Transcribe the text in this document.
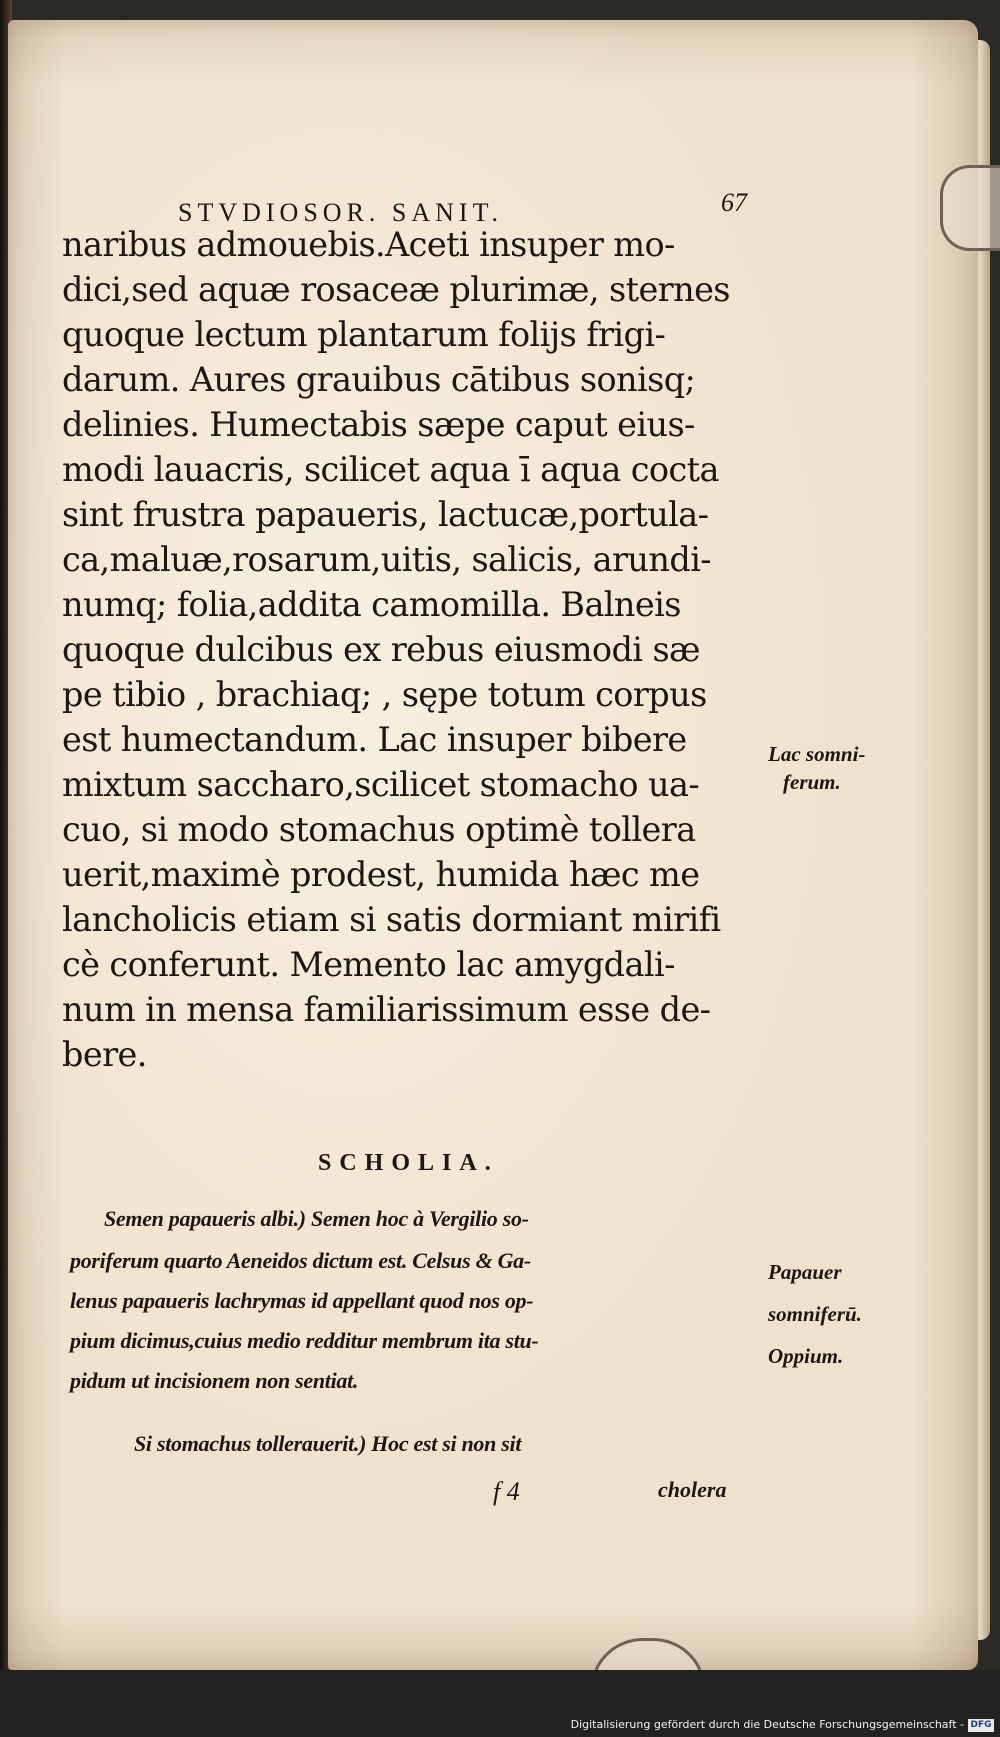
STVDIOSOR. SANIT.	67
naribus admouebis.Aceti insuper mo-
dici,sed aquæ rosaceæ plurimæ, sternes
quoque lectum plantarum folijs frigi-
darum. Aures grauibus cātibus sonisq;
delinies. Humectabis sæpe caput eius-
modi lauacris, scilicet aqua ī aqua cocta
sint frustra papaueris, lactucæ,portula-
ca,maluæ,rosarum,uitis, salicis, arundi-
numq; folia,addita camomilla. Balneis
quoque dulcibus ex rebus eiusmodi sæ
pe tibio , brachiaq; , sępe totum corpus
est humectandum. Lac insuper bibere
mixtum saccharo,scilicet stomacho ua-
cuo, si modo stomachus optimè tollera
uerit,maximè prodest, humida hæc me
lancholicis etiam si satis dormiant mirifi
cè conferunt. Memento lac amygdali-
num in mensa familiarissimum esse de-
bere.
Lac somni-
ferum.
SCHOLIA.
Semen papaueris albi.) Semen hoc à Vergilio so-
poriferum quarto Aeneidos dictum est. Celsus & Ga-
lenus papaueris lachrymas id appellant quod nos op-
pium dicimus,cuius medio redditur membrum ita stu-
pidum ut incisionem non sentiat.
Si stomachus tollerauerit.) Hoc est si non sit
Papauer
somniferū.
Oppium.
f 4	cholera
Digitalisierung gefördert durch die Deutsche Forschungsgemeinschaft - DFG
